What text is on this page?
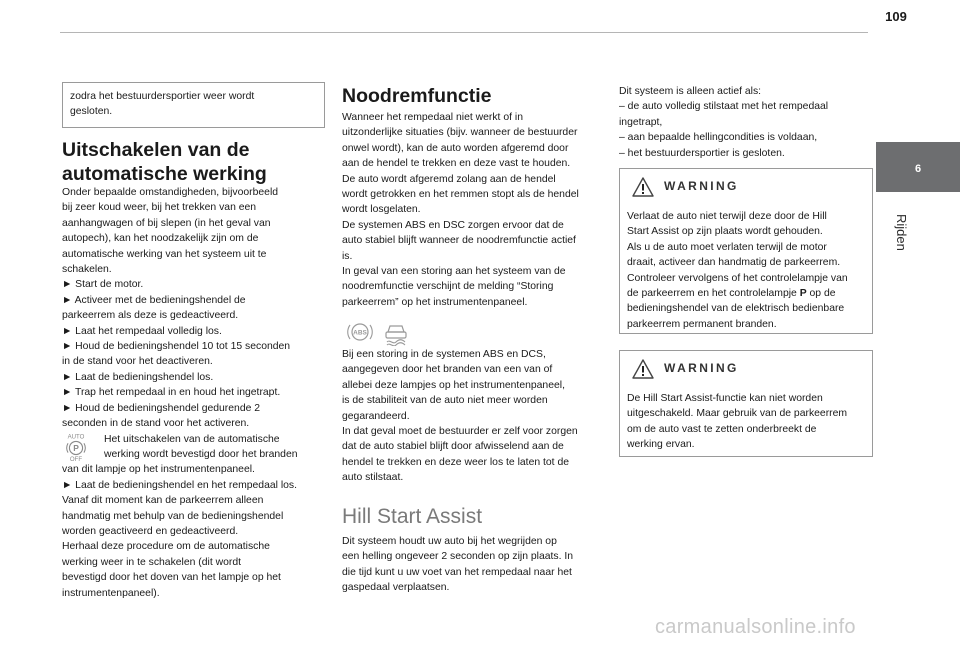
109
6
Rijden

zodra het bestuurdersportier weer wordt
gesloten.

Uitschakelen van de
automatische werking

Onder bepaalde omstandigheden, bijvoorbeeld
bij zeer koud weer, bij het trekken van een
aanhangwagen of bij slepen (in het geval van
autopech), kan het noodzakelijk zijn om de
automatische werking van het systeem uit te
schakelen.
► Start de motor.
► Activeer met de bedieningshendel de
parkeerrem als deze is gedeactiveerd.
► Laat het rempedaal volledig los.
► Houd de bedieningshendel 10 tot 15 seconden
in de stand voor het deactiveren.
► Laat de bedieningshendel los.
► Trap het rempedaal in en houd het ingetrapt.
► Houd de bedieningshendel gedurende 2
seconden in de stand voor het activeren.

AUTO
P
OFF

Het uitschakelen van de automatische
werking wordt bevestigd door het branden

van dit lampje op het instrumentenpaneel.
► Laat de bedieningshendel en het rempedaal los.
Vanaf dit moment kan de parkeerrem alleen
handmatig met behulp van de bedieningshendel
worden geactiveerd en gedeactiveerd.
Herhaal deze procedure om de automatische
werking weer in te schakelen (dit wordt
bevestigd door het doven van het lampje op het
instrumentenpaneel).

Noodremfunctie

Wanneer het rempedaal niet werkt of in
uitzonderlijke situaties (bijv. wanneer de bestuurder
onwel wordt), kan de auto worden afgeremd door
aan de hendel te trekken en deze vast te houden.
De auto wordt afgeremd zolang aan de hendel
wordt getrokken en het remmen stopt als de hendel
wordt losgelaten.
De systemen ABS en DSC zorgen ervoor dat de
auto stabiel blijft wanneer de noodremfunctie actief
is.
In geval van een storing aan het systeem van de
noodremfunctie verschijnt de melding “Storing
parkeerrem” op het instrumentenpaneel.

ABS

Bij een storing in de systemen ABS en DCS,
aangegeven door het branden van een van of
allebei deze lampjes op het instrumentenpaneel,
is de stabiliteit van de auto niet meer worden
gegarandeerd.
In dat geval moet de bestuurder er zelf voor zorgen
dat de auto stabiel blijft door afwisselend aan de
hendel te trekken en deze weer los te laten tot de
auto stilstaat.

Hill Start Assist

Dit systeem houdt uw auto bij het wegrijden op
een helling ongeveer 2 seconden op zijn plaats. In
die tijd kunt u uw voet van het rempedaal naar het
gaspedaal verplaatsen.

Dit systeem is alleen actief als:
– de auto volledig stilstaat met het rempedaal
ingetrapt,
– aan bepaalde hellingcondities is voldaan,
– het bestuurdersportier is gesloten.

WARNING

Verlaat de auto niet terwijl deze door de Hill
Start Assist op zijn plaats wordt gehouden.
Als u de auto moet verlaten terwijl de motor
draait, activeer dan handmatig de parkeerrem.
Controleer vervolgens of het controlelampje van
de parkeerrem en het controlelampje P op de
bedieningshendel van de elektrisch bedienbare
parkeerrem permanent branden.

WARNING

De Hill Start Assist-functie kan niet worden
uitgeschakeld. Maar gebruik van de parkeerrem
om de auto vast te zetten onderbreekt de
werking ervan.

carmanualsonline.info
